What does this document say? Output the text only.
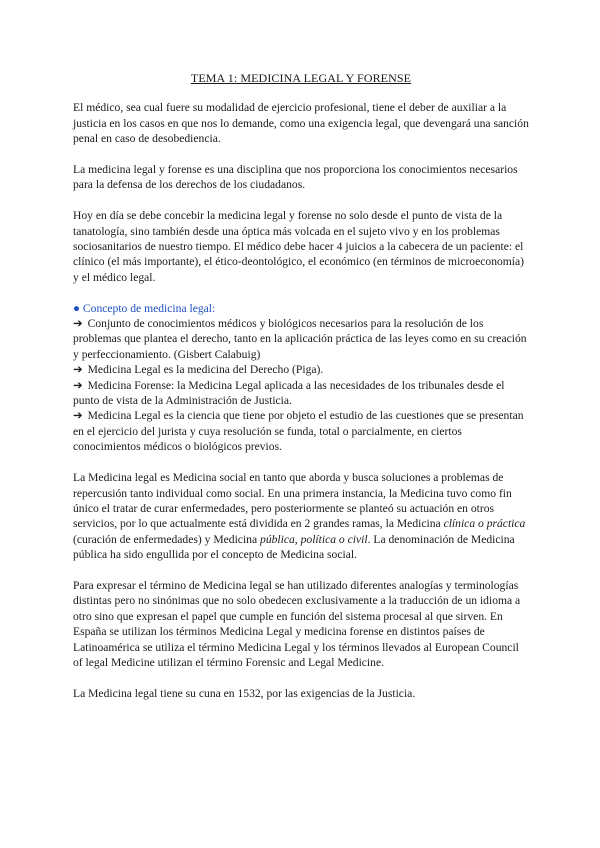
TEMA 1: MEDICINA LEGAL Y FORENSE

El médico, sea cual fuere su modalidad de ejercicio profesional, tiene el deber de auxiliar a la justicia en los casos en que nos lo demande, como una exigencia legal, que devengará una sanción penal en caso de desobediencia.

La medicina legal y forense es una disciplina que nos proporciona los conocimientos necesarios para la defensa de los derechos de los ciudadanos.

Hoy en día se debe concebir la medicina legal y forense no solo desde el punto de vista de la tanatología, sino también desde una óptica más volcada en el sujeto vivo y en los problemas sociosanitarios de nuestro tiempo. El médico debe hacer 4 juicios a la cabecera de un paciente: el clínico (el más importante), el ético-deontológico, el económico (en términos de microeconomía) y el médico legal.

● Concepto de medicina legal:
➔ Conjunto de conocimientos médicos y biológicos necesarios para la resolución de los problemas que plantea el derecho, tanto en la aplicación práctica de las leyes como en su creación y perfeccionamiento. (Gisbert Calabuig)
➔ Medicina Legal es la medicina del Derecho (Piga).
➔ Medicina Forense: la Medicina Legal aplicada a las necesidades de los tribunales desde el punto de vista de la Administración de Justicia.
➔ Medicina Legal es la ciencia que tiene por objeto el estudio de las cuestiones que se presentan en el ejercicio del jurista y cuya resolución se funda, total o parcialmente, en ciertos conocimientos médicos o biológicos previos.

La Medicina legal es Medicina social en tanto que aborda y busca soluciones a problemas de repercusión tanto individual como social. En una primera instancia, la Medicina tuvo como fin único el tratar de curar enfermedades, pero posteriormente se planteó su actuación en otros servicios, por lo que actualmente está dividida en 2 grandes ramas, la Medicina clínica o práctica (curación de enfermedades) y Medicina pública, política o civil. La denominación de Medicina pública ha sido engullida por el concepto de Medicina social.

Para expresar el término de Medicina legal se han utilizado diferentes analogías y terminologías distintas pero no sinónimas que no solo obedecen exclusivamente a la traducción de un idioma a otro sino que expresan el papel que cumple en función del sistema procesal al que sirven. En España se utilizan los términos Medicina Legal y medicina forense en distintos países de Latinoamérica se utiliza el término Medicina Legal y los términos llevados al European Council of legal Medicine utilizan el término Forensic and Legal Medicine.

La Medicina legal tiene su cuna en 1532, por las exigencias de la Justicia.
